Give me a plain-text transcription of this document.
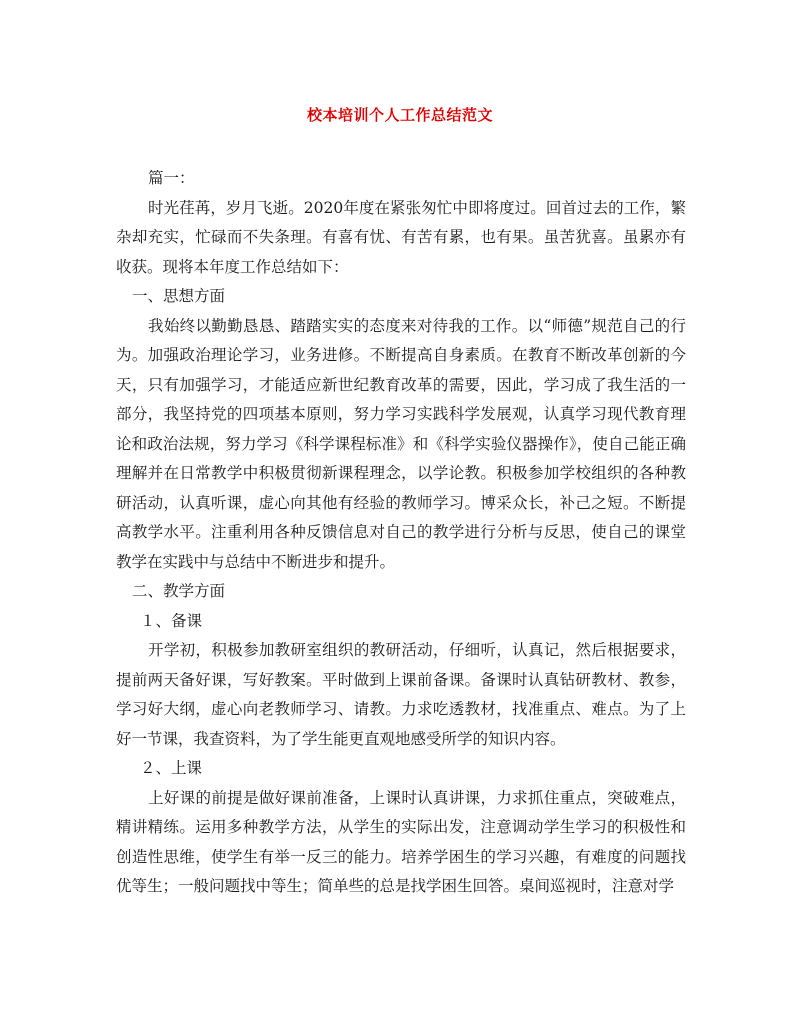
校本培训个人工作总结范文

篇一：

时光荏苒，岁月飞逝。2020年度在紧张匆忙中即将度过。回首过去的工作，繁杂却充实，忙碌而不失条理。有喜有忧、有苦有累，也有果。虽苦犹喜。虽累亦有收获。现将本年度工作总结如下：

一、思想方面

我始终以勤勤恳恳、踏踏实实的态度来对待我的工作。以“师德”规范自己的行为。加强政治理论学习，业务进修。不断提高自身素质。在教育不断改革创新的今天，只有加强学习，才能适应新世纪教育改革的需要，因此，学习成了我生活的一部分，我坚持党的四项基本原则，努力学习实践科学发展观，认真学习现代教育理论和政治法规，努力学习《科学课程标准》和《科学实验仪器操作》，使自己能正确理解并在日常教学中积极贯彻新课程理念，以学论教。积极参加学校组织的各种教研活动，认真听课，虚心向其他有经验的教师学习。博采众长，补己之短。不断提高教学水平。注重利用各种反馈信息对自己的教学进行分析与反思，使自己的课堂教学在实践中与总结中不断进步和提升。

二、教学方面

１、备课

开学初，积极参加教研室组织的教研活动，仔细听，认真记，然后根据要求，提前两天备好课，写好教案。平时做到上课前备课。备课时认真钻研教材、教参，学习好大纲，虚心向老教师学习、请教。力求吃透教材，找准重点、难点。为了上好一节课，我查资料，为了学生能更直观地感受所学的知识内容。

２、上课

上好课的前提是做好课前准备，上课时认真讲课，力求抓住重点，突破难点，精讲精练。运用多种教学方法，从学生的实际出发，注意调动学生学习的积极性和创造性思维，使学生有举一反三的能力。培养学困生的学习兴趣，有难度的问题找优等生；一般问题找中等生；简单些的总是找学困生回答。桌间巡视时，注意对学
